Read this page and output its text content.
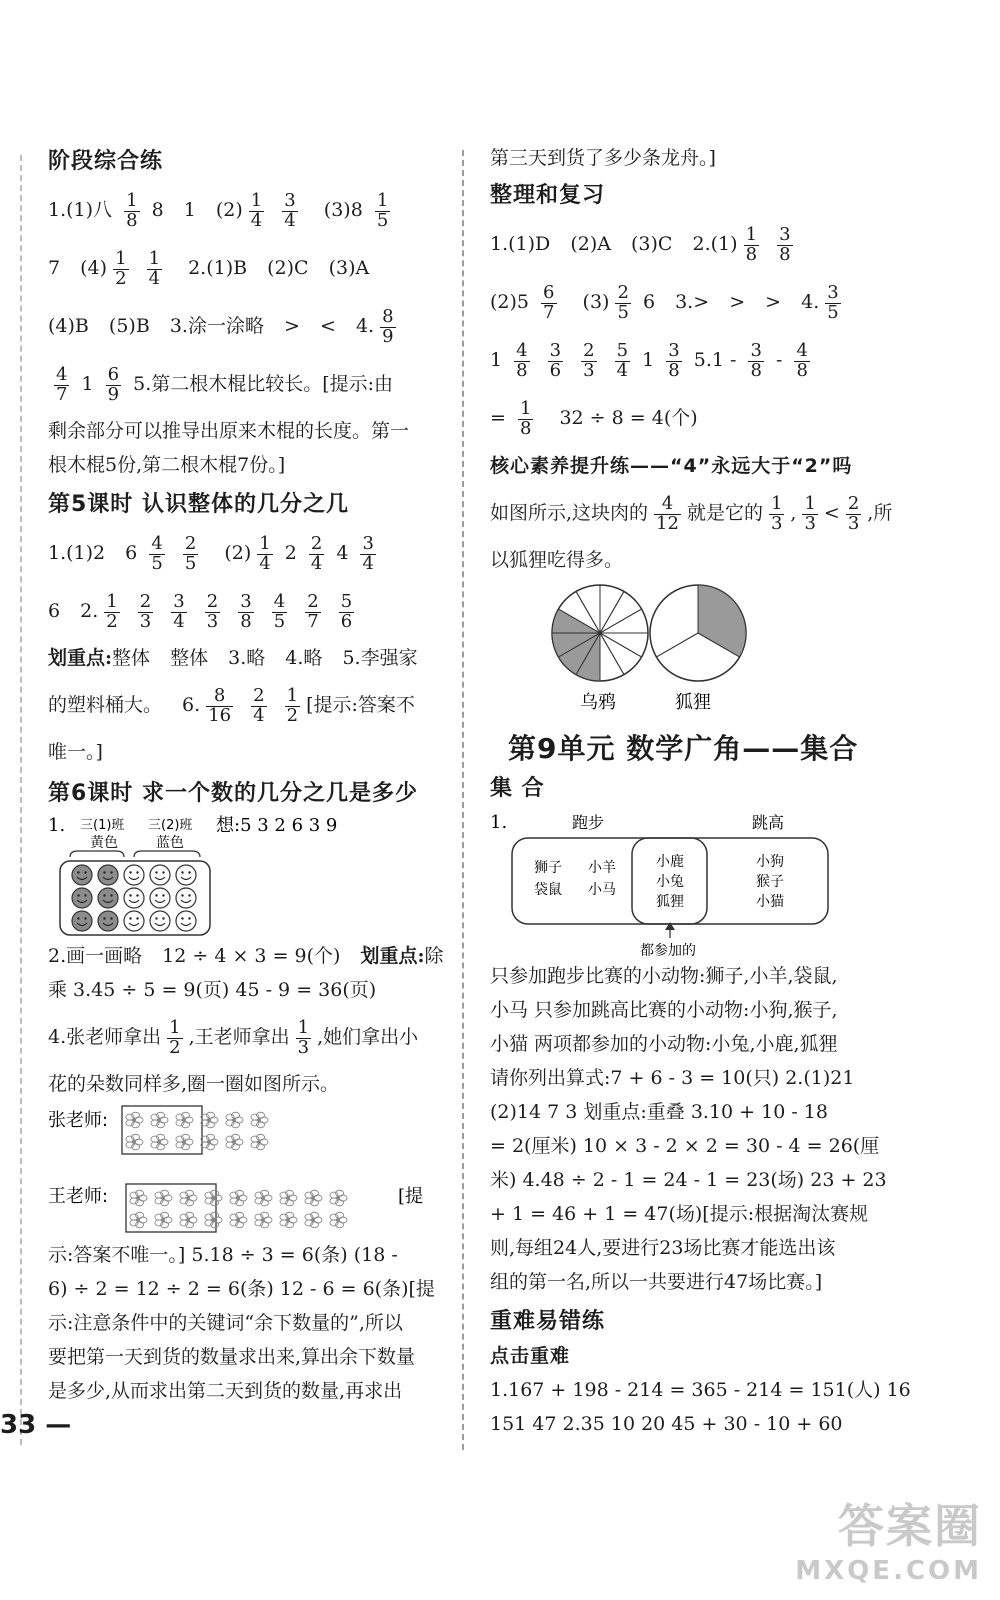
阶段综合练
1.(1)八 $\frac{1}{8} 8$ 1 $(2) \frac{1}{4}$
$\frac{3}{4} (3)8 \frac{1}{5}$
7 $(4) \frac{1}{2}$
$\frac{1}{4} 2.(1)B$ (2)C (3)A
(4)B (5)B 3.涂一涂略 > < 4. $\frac{8}{9}$
$\frac{4}{7} 1 \frac{6}{9} 5$.第二根木棍比较长。[提示:由
剩余部分可以推导出原来木棍的长度。第一
根木棍5份,第二根木棍7份。]
第5课时 认识整体的几分之几
1.(1)2 $6 \frac{4}{5}$
$\frac{2}{5} (2) \frac{1}{4} 2 \frac{2}{4} 4 \frac{3}{4}$
6 2. $\frac{1}{2}$
$\frac{2}{3}$
$\frac{3}{4}$
$\frac{2}{3}$
$\frac{3}{8}$
$\frac{4}{5}$
$\frac{2}{7}$
$\frac{5}{6}$
划重点:整体 整体 3.略 4.略 5.李强家
的塑料桶大。 6. $\frac{8}{16}$
$\frac{2}{4}$
$\frac{1}{2}$ [提示:答案不
唯一。]
第6课时 求一个数的几分之几是多少
1. 三(1)班 三(2)班
黄色	蓝色
想:5 3 2 6 3 9
2.画一画略 12 ÷ 4 × 3 = 9(个) 划重点:除
乘 3.45 ÷ 5 = 9(页) 45 - 9 = 36(页)
4.张老师拿出 $\frac{1}{2}$ ,王老师拿出 $\frac{1}{3}$ ,她们拿出小
花的朵数同样多,圈一圈如图所示。
张老师:
王老师:	[提
示:答案不唯一。] 5.18 ÷ 3 = 6(条) (18 -
6) ÷ 2 = 12 ÷ 2 = 6(条) 12 - 6 = 6(条)[提
示:注意条件中的关键词“余下数量的”,所以
要把第一天到货的数量求出来,算出余下数量
是多少,从而求出第二天到货的数量,再求出
第三天到货了多少条龙舟。]
整理和复习
1.(1)D (2)A (3)C $2.(1) \frac{1}{8}$
$\frac{3}{8}$
$(2)5 \frac{6}{7} (3) \frac{2}{5} 6$ 3.> > > 4. $\frac{3}{5}$
$1 \frac{4}{8}$
$\frac{3}{6}$
$\frac{2}{3}$
$\frac{5}{4} 1 \frac{3}{8} 5.1 - \frac{3}{8} - \frac{4}{8}$
= $\frac{1}{8} 32 \div 8 = 4$(个)
核心素养提升练——“4”永远大于“2”吗
如图所示,这块肉的 $\frac{4}{12}$ 就是它的 $\frac{1}{3}$ , $\frac{1}{3} < \frac{2}{3}$ ,所
以狐狸吃得多。
乌鸦	狐狸
第9单元 数学广角——集合
集 合
1.	跑步	跳高
狮子 小羊
袋鼠 小马
小鹿
小兔
狐狸
小狗
猴子
小猫
都参加的
只参加跑步比赛的小动物:狮子,小羊,袋鼠,
小马 只参加跳高比赛的小动物:小狗,猴子,
小猫 两项都参加的小动物:小兔,小鹿,狐狸
请你列出算式:7 + 6 - 3 = 10(只) 2.(1)21
(2)14 7 3 划重点:重叠 3.10 + 10 - 18
= 2(厘米) 10 × 3 - 2 × 2 = 30 - 4 = 26(厘
米) 4.48 ÷ 2 - 1 = 24 - 1 = 23(场) 23 + 23
+ 1 = 46 + 1 = 47(场)[提示:根据淘汰赛规
则,每组24人,要进行23场比赛才能选出该
组的第一名,所以一共要进行47场比赛。]
重难易错练
点击重难
1.167 + 198 - 214 = 365 - 214 = 151(人) 16
151 47 2.35 10 20 45 + 30 - 10 + 60
33 —
答案圈
MXQE.COM
